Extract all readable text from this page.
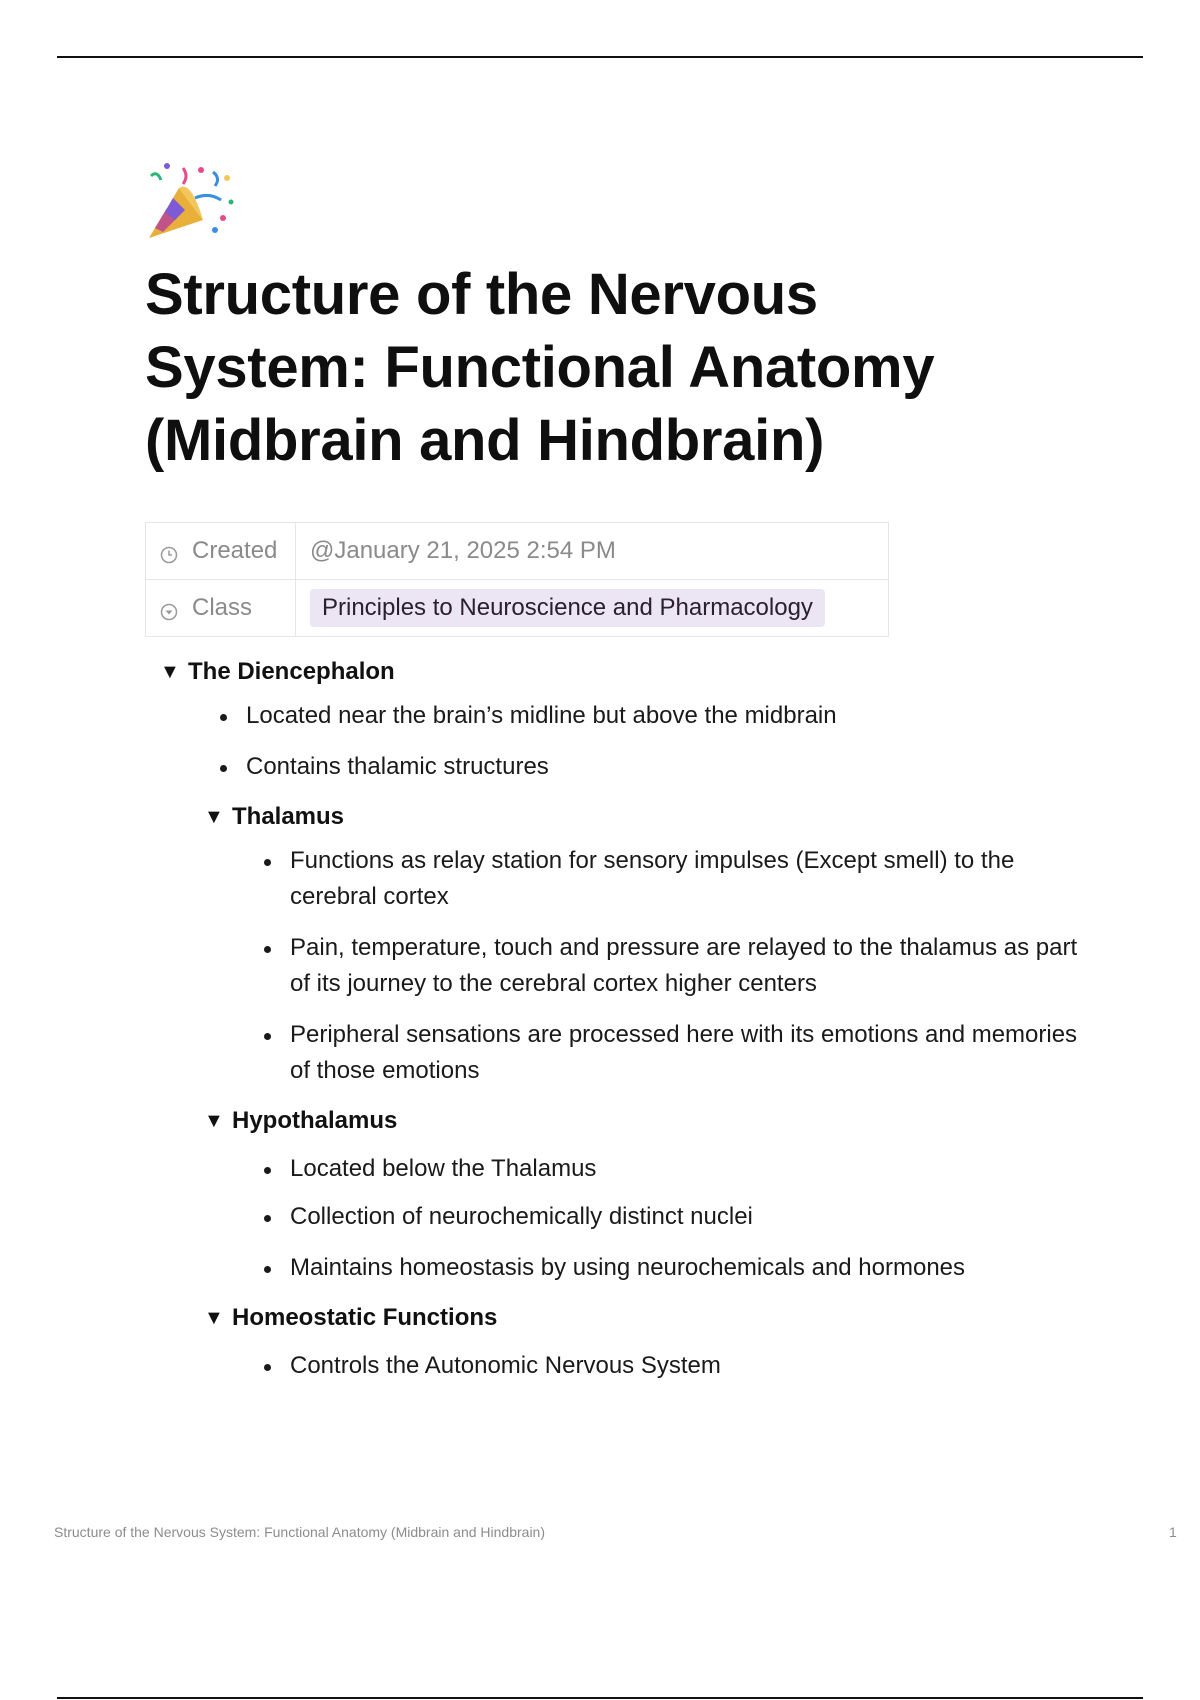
Structure of the Nervous System: Functional Anatomy (Midbrain and Hindbrain)
Created	@January 21, 2025 2:54 PM
Class	Principles to Neuroscience and Pharmacology
▼ The Diencephalon
Located near the brain’s midline but above the midbrain
Contains thalamic structures
▼ Thalamus
Functions as relay station for sensory impulses (Except smell) to the cerebral cortex
Pain, temperature, touch and pressure are relayed to the thalamus as part of its journey to the cerebral cortex higher centers
Peripheral sensations are processed here with its emotions and memories of those emotions
▼ Hypothalamus
Located below the Thalamus
Collection of neurochemically distinct nuclei
Maintains homeostasis by using neurochemicals and hormones
▼ Homeostatic Functions
Controls the Autonomic Nervous System
Structure of the Nervous System: Functional Anatomy (Midbrain and Hindbrain)	1
